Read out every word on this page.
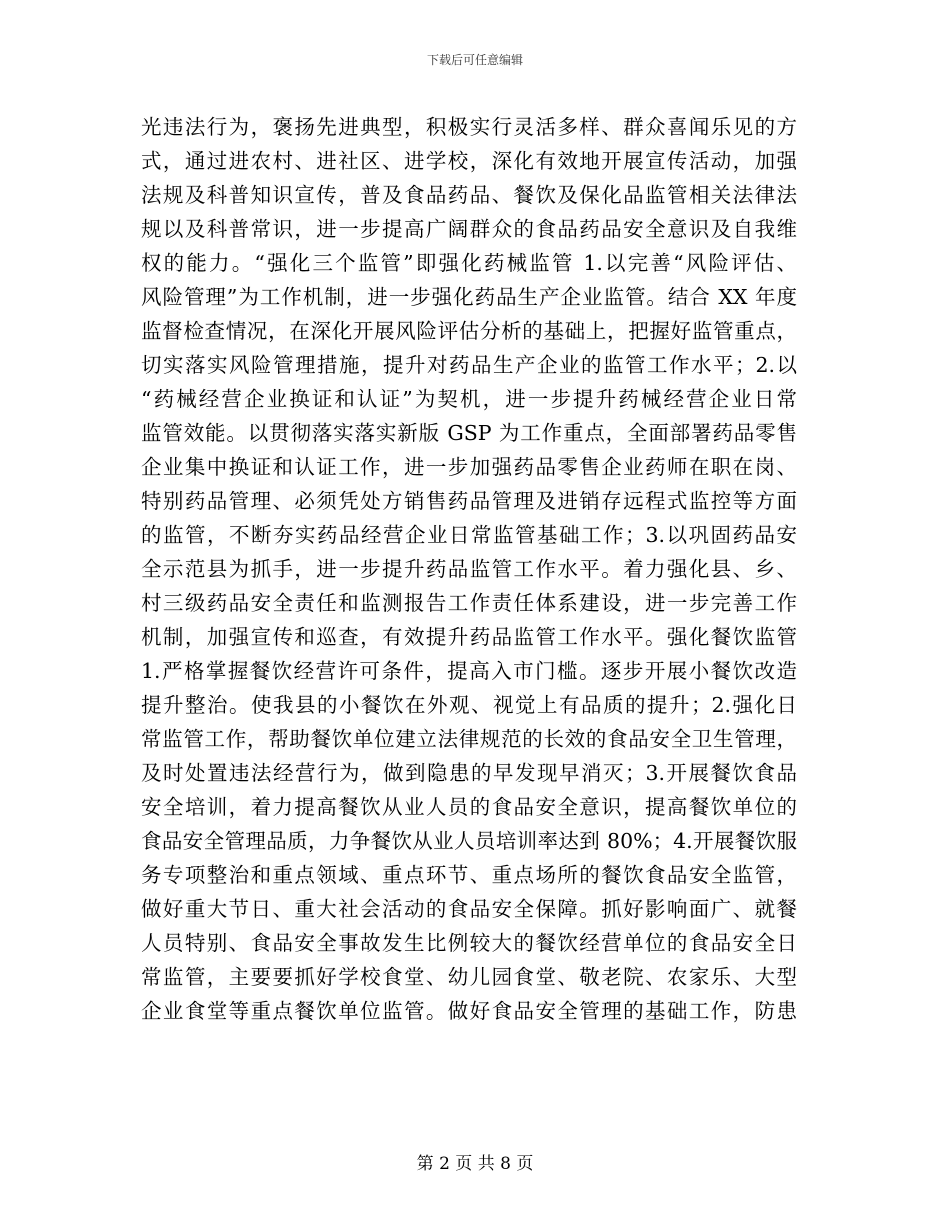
下载后可任意编辑
光违法行为，褒扬先进典型，积极实行灵活多样、群众喜闻乐见的方
式，通过进农村、进社区、进学校，深化有效地开展宣传活动，加强
法规及科普知识宣传，普及食品药品、餐饮及保化品监管相关法律法
规以及科普常识，进一步提高广阔群众的食品药品安全意识及自我维
权的能力。“强化三个监管”即强化药械监管 1.以完善“风险评估、
风险管理”为工作机制，进一步强化药品生产企业监管。结合 XX 年度
监督检查情况，在深化开展风险评估分析的基础上，把握好监管重点，
切实落实风险管理措施，提升对药品生产企业的监管工作水平；2.以
“药械经营企业换证和认证”为契机，进一步提升药械经营企业日常
监管效能。以贯彻落实落实新版 GSP 为工作重点，全面部署药品零售
企业集中换证和认证工作，进一步加强药品零售企业药师在职在岗、
特别药品管理、必须凭处方销售药品管理及进销存远程式监控等方面
的监管，不断夯实药品经营企业日常监管基础工作；3.以巩固药品安
全示范县为抓手，进一步提升药品监管工作水平。着力强化县、乡、
村三级药品安全责任和监测报告工作责任体系建设，进一步完善工作
机制，加强宣传和巡查，有效提升药品监管工作水平。强化餐饮监管
1.严格掌握餐饮经营许可条件，提高入市门槛。逐步开展小餐饮改造
提升整治。使我县的小餐饮在外观、视觉上有品质的提升；2.强化日
常监管工作，帮助餐饮单位建立法律规范的长效的食品安全卫生管理，
及时处置违法经营行为，做到隐患的早发现早消灭；3.开展餐饮食品
安全培训，着力提高餐饮从业人员的食品安全意识，提高餐饮单位的
食品安全管理品质，力争餐饮从业人员培训率达到 80%；4.开展餐饮服
务专项整治和重点领域、重点环节、重点场所的餐饮食品安全监管，
做好重大节日、重大社会活动的食品安全保障。抓好影响面广、就餐
人员特别、食品安全事故发生比例较大的餐饮经营单位的食品安全日
常监管，主要要抓好学校食堂、幼儿园食堂、敬老院、农家乐、大型
企业食堂等重点餐饮单位监管。做好食品安全管理的基础工作，防患
第 2 页 共 8 页
